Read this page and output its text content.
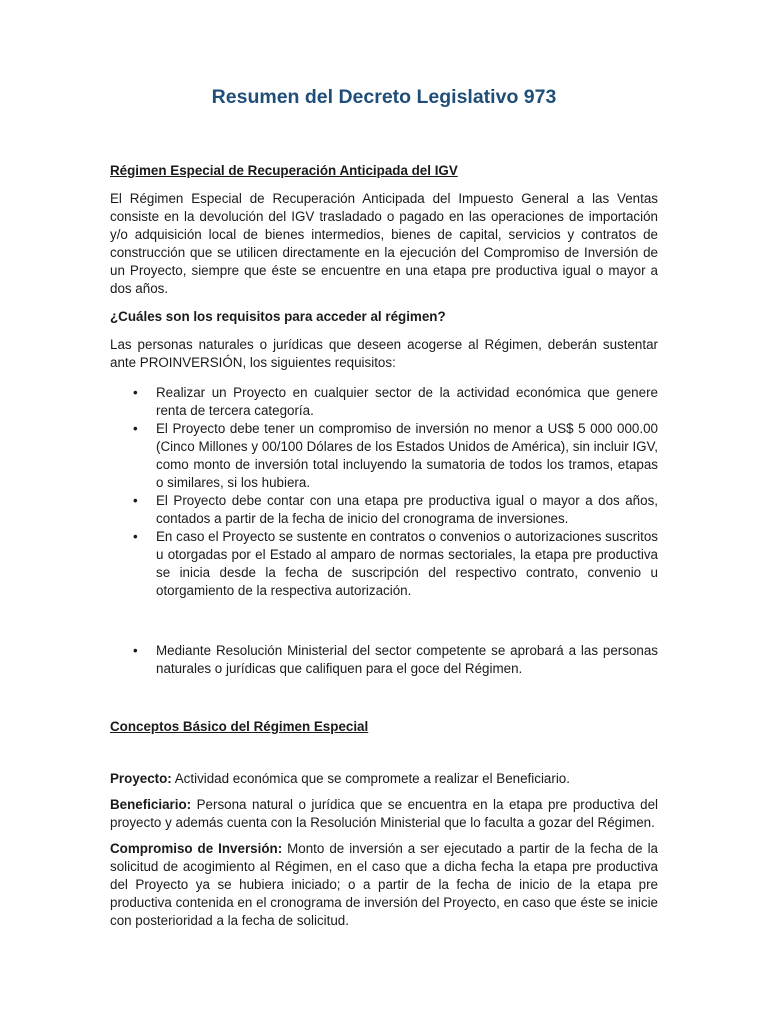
Resumen del Decreto Legislativo 973
Régimen Especial de Recuperación Anticipada del IGV

El Régimen Especial de Recuperación Anticipada del Impuesto General a las Ventas consiste en la devolución del IGV trasladado o pagado en las operaciones de importación y/o adquisición local de bienes intermedios, bienes de capital, servicios y contratos de construcción que se utilicen directamente en la ejecución del Compromiso de Inversión de un Proyecto, siempre que éste se encuentre en una etapa pre productiva igual o mayor a dos años.

¿Cuáles son los requisitos para acceder al régimen?

Las personas naturales o jurídicas que deseen acogerse al Régimen, deberán sustentar ante PROINVERSIÓN, los siguientes requisitos:

• Realizar un Proyecto en cualquier sector de la actividad económica que genere renta de tercera categoría.
• El Proyecto debe tener un compromiso de inversión no menor a US$ 5 000 000.00 (Cinco Millones y 00/100 Dólares de los Estados Unidos de América), sin incluir IGV, como monto de inversión total incluyendo la sumatoria de todos los tramos, etapas o similares, si los hubiera.
• El Proyecto debe contar con una etapa pre productiva igual o mayor a dos años, contados a partir de la fecha de inicio del cronograma de inversiones.
• En caso el Proyecto se sustente en contratos o convenios o autorizaciones suscritos u otorgadas por el Estado al amparo de normas sectoriales, la etapa pre productiva se inicia desde la fecha de suscripción del respectivo contrato, convenio u otorgamiento de la respectiva autorización.
• Mediante Resolución Ministerial del sector competente se aprobará a las personas naturales o jurídicas que califiquen para el goce del Régimen.
Conceptos Básico del Régimen Especial

Proyecto: Actividad económica que se compromete a realizar el Beneficiario.

Beneficiario: Persona natural o jurídica que se encuentra en la etapa pre productiva del proyecto y además cuenta con la Resolución Ministerial que lo faculta a gozar del Régimen.

Compromiso de Inversión: Monto de inversión a ser ejecutado a partir de la fecha de la solicitud de acogimiento al Régimen, en el caso que a dicha fecha la etapa pre productiva del Proyecto ya se hubiera iniciado; o a partir de la fecha de inicio de la etapa pre productiva contenida en el cronograma de inversión del Proyecto, en caso que éste se inicie con posterioridad a la fecha de solicitud.
